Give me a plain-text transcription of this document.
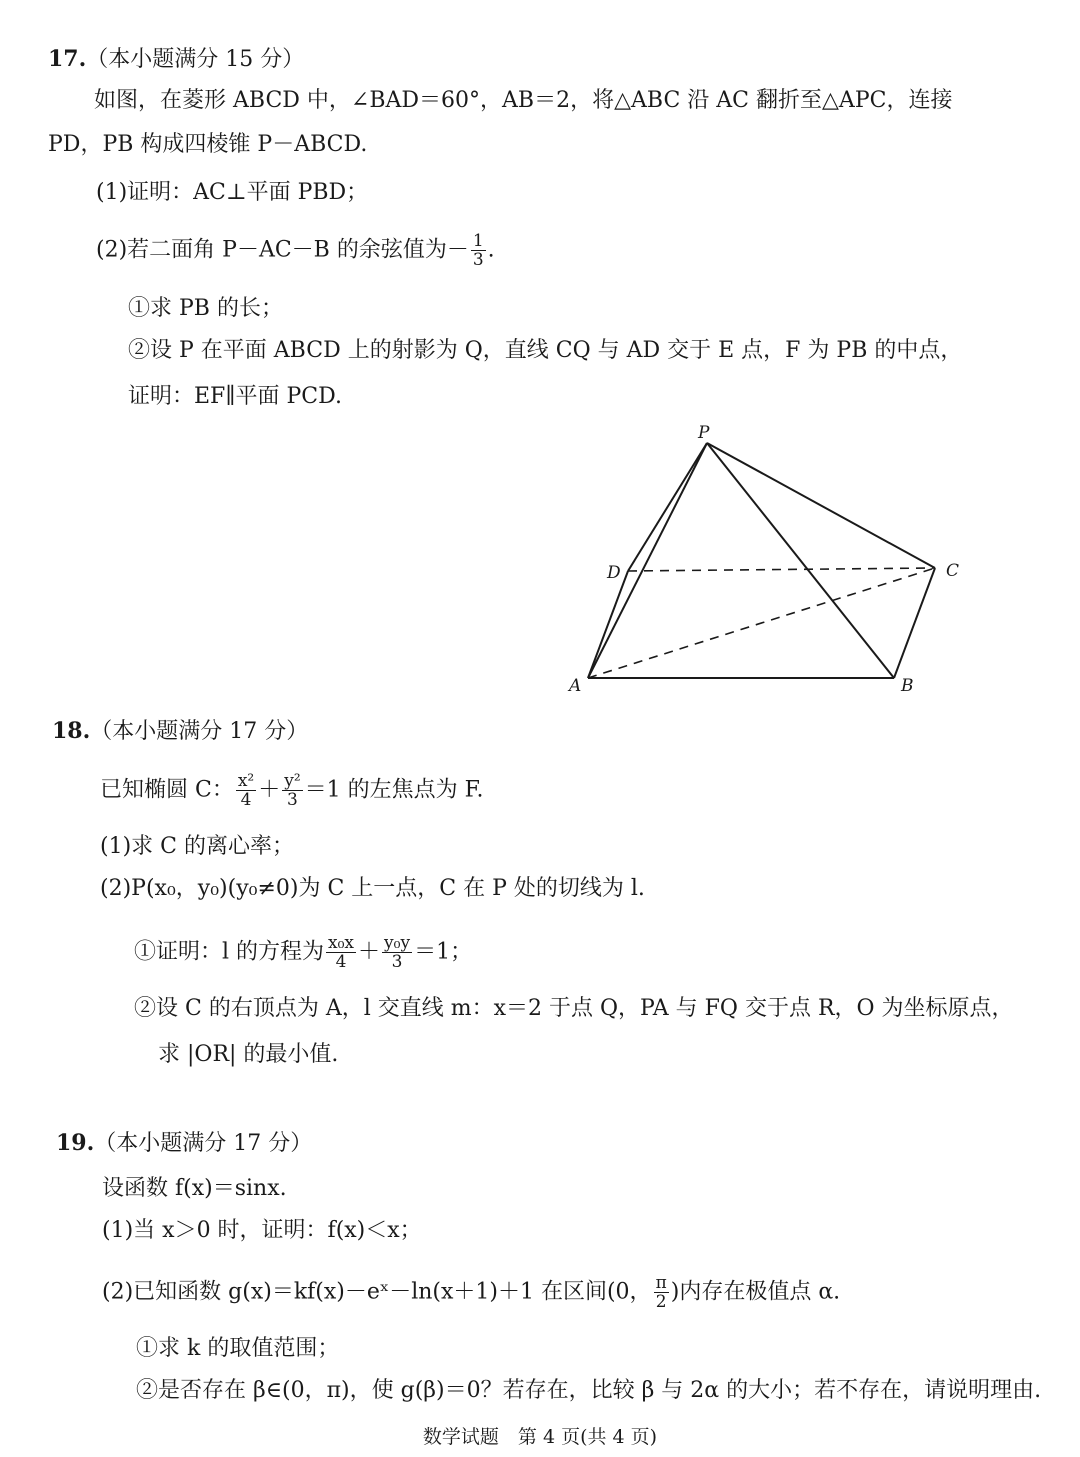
17.（本小题满分 15 分）
如图，在菱形 ABCD 中，∠BAD＝60°，AB＝2，将△ABC 沿 AC 翻折至△APC，连接
PD，PB 构成四棱锥 P－ABCD.
(1)证明：AC⊥平面 PBD；
(2)若二面角 P－AC－B 的余弦值为－ $\frac{1}{3}$ .
①求 PB 的长；
②设 P 在平面 ABCD 上的射影为 Q，直线 CQ 与 AD 交于 E 点，F 为 PB 的中点，
证明：EF∥平面 PCD.
P
D	C
A	B
18.（本小题满分 17 分）
已知椭圆 C： $\frac{\text{x²}}{4} + \frac{\text{y²}}{3} =1$ 的左焦点为 F.
(1)求 C 的离心率；
(2)P(x₀，y₀)(y₀≠0)为 C 上一点，C 在 P 处的切线为 l.
①证明：l 的方程为 $\frac{\text{x₀x}}{4} + \frac{\text{y₀y}}{3} =1$；
②设 C 的右顶点为 A，l 交直线 m：x＝2 于点 Q，PA 与 FQ 交于点 R，O 为坐标原点，
求 |OR| 的最小值.
19.（本小题满分 17 分）
设函数 f(x)＝sinx.
(1)当 x＞0 时，证明：f(x)＜x；
(2)已知函数 g(x)＝kf(x)－eˣ－ln(x＋1)＋1 在区间(0， $\frac{\pi}{2}$ )内存在极值点 α.
①求 k 的取值范围；
②是否存在 β∈(0，π)，使 g(β)＝0？若存在，比较 β 与 2α 的大小；若不存在，请说明理由.
数学试题　第 4 页(共 4 页)
